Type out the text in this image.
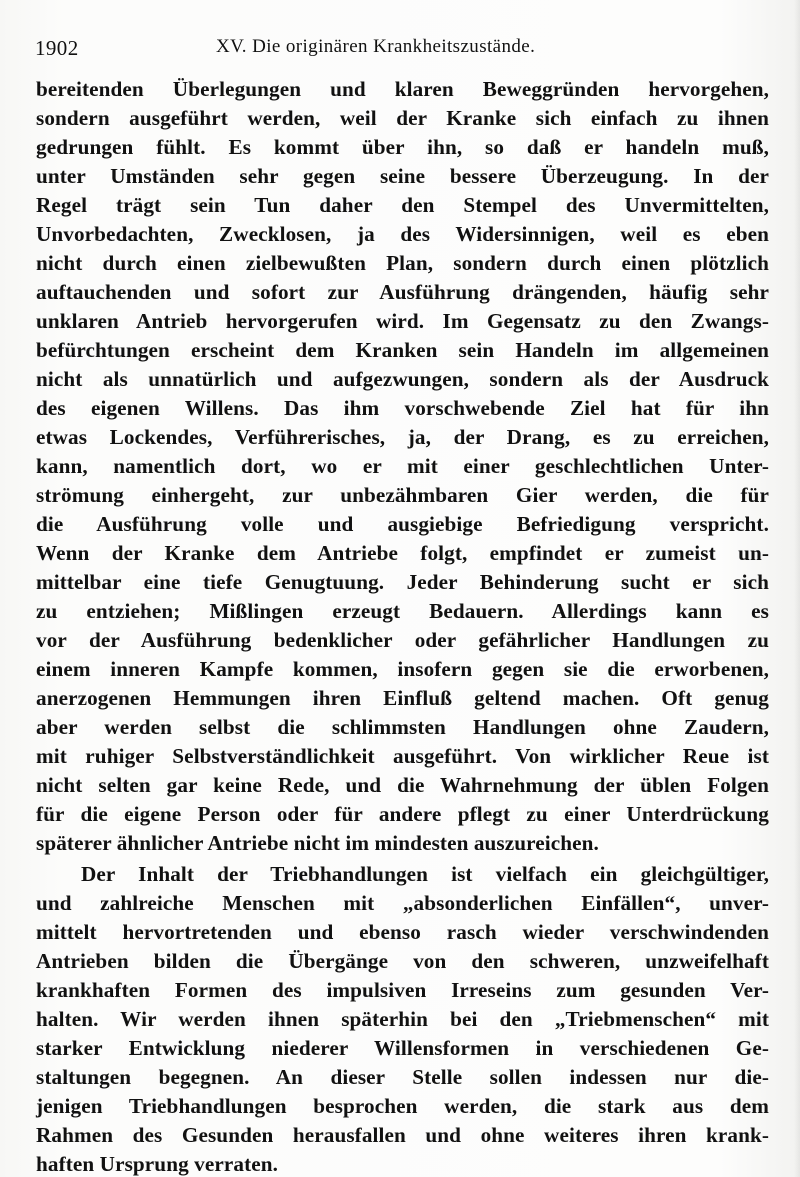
1902	XV. Die originären Krankheitszustände.
bereitenden Überlegungen und klaren Beweggründen hervorgehen,
sondern ausgeführt werden, weil der Kranke sich einfach zu ihnen
gedrungen fühlt. Es kommt über ihn, so daß er handeln muß,
unter Umständen sehr gegen seine bessere Überzeugung. In der
Regel trägt sein Tun daher den Stempel des Unvermittelten,
Unvorbedachten, Zwecklosen, ja des Widersinnigen, weil es eben
nicht durch einen zielbewußten Plan, sondern durch einen plötzlich
auftauchenden und sofort zur Ausführung drängenden, häufig sehr
unklaren Antrieb hervorgerufen wird. Im Gegensatz zu den Zwangs-
befürchtungen erscheint dem Kranken sein Handeln im allgemeinen
nicht als unnatürlich und aufgezwungen, sondern als der Ausdruck
des eigenen Willens. Das ihm vorschwebende Ziel hat für ihn
etwas Lockendes, Verführerisches, ja, der Drang, es zu erreichen,
kann, namentlich dort, wo er mit einer geschlechtlichen Unter-
strömung einhergeht, zur unbezähmbaren Gier werden, die für
die Ausführung volle und ausgiebige Befriedigung verspricht.
Wenn der Kranke dem Antriebe folgt, empfindet er zumeist un-
mittelbar eine tiefe Genugtuung. Jeder Behinderung sucht er sich
zu entziehen; Mißlingen erzeugt Bedauern. Allerdings kann es
vor der Ausführung bedenklicher oder gefährlicher Handlungen zu
einem inneren Kampfe kommen, insofern gegen sie die erworbenen,
anerzogenen Hemmungen ihren Einfluß geltend machen. Oft genug
aber werden selbst die schlimmsten Handlungen ohne Zaudern,
mit ruhiger Selbstverständlichkeit ausgeführt. Von wirklicher Reue ist
nicht selten gar keine Rede, und die Wahrnehmung der üblen Folgen
für die eigene Person oder für andere pflegt zu einer Unterdrückung
späterer ähnlicher Antriebe nicht im mindesten auszureichen.
Der Inhalt der Triebhandlungen ist vielfach ein gleichgültiger,
und zahlreiche Menschen mit „absonderlichen Einfällen“, unver-
mittelt hervortretenden und ebenso rasch wieder verschwindenden
Antrieben bilden die Übergänge von den schweren, unzweifelhaft
krankhaften Formen des impulsiven Irreseins zum gesunden Ver-
halten. Wir werden ihnen späterhin bei den „Triebmenschen“ mit
starker Entwicklung niederer Willensformen in verschiedenen Ge-
staltungen begegnen. An dieser Stelle sollen indessen nur die-
jenigen Triebhandlungen besprochen werden, die stark aus dem
Rahmen des Gesunden herausfallen und ohne weiteres ihren krank-
haften Ursprung verraten.
